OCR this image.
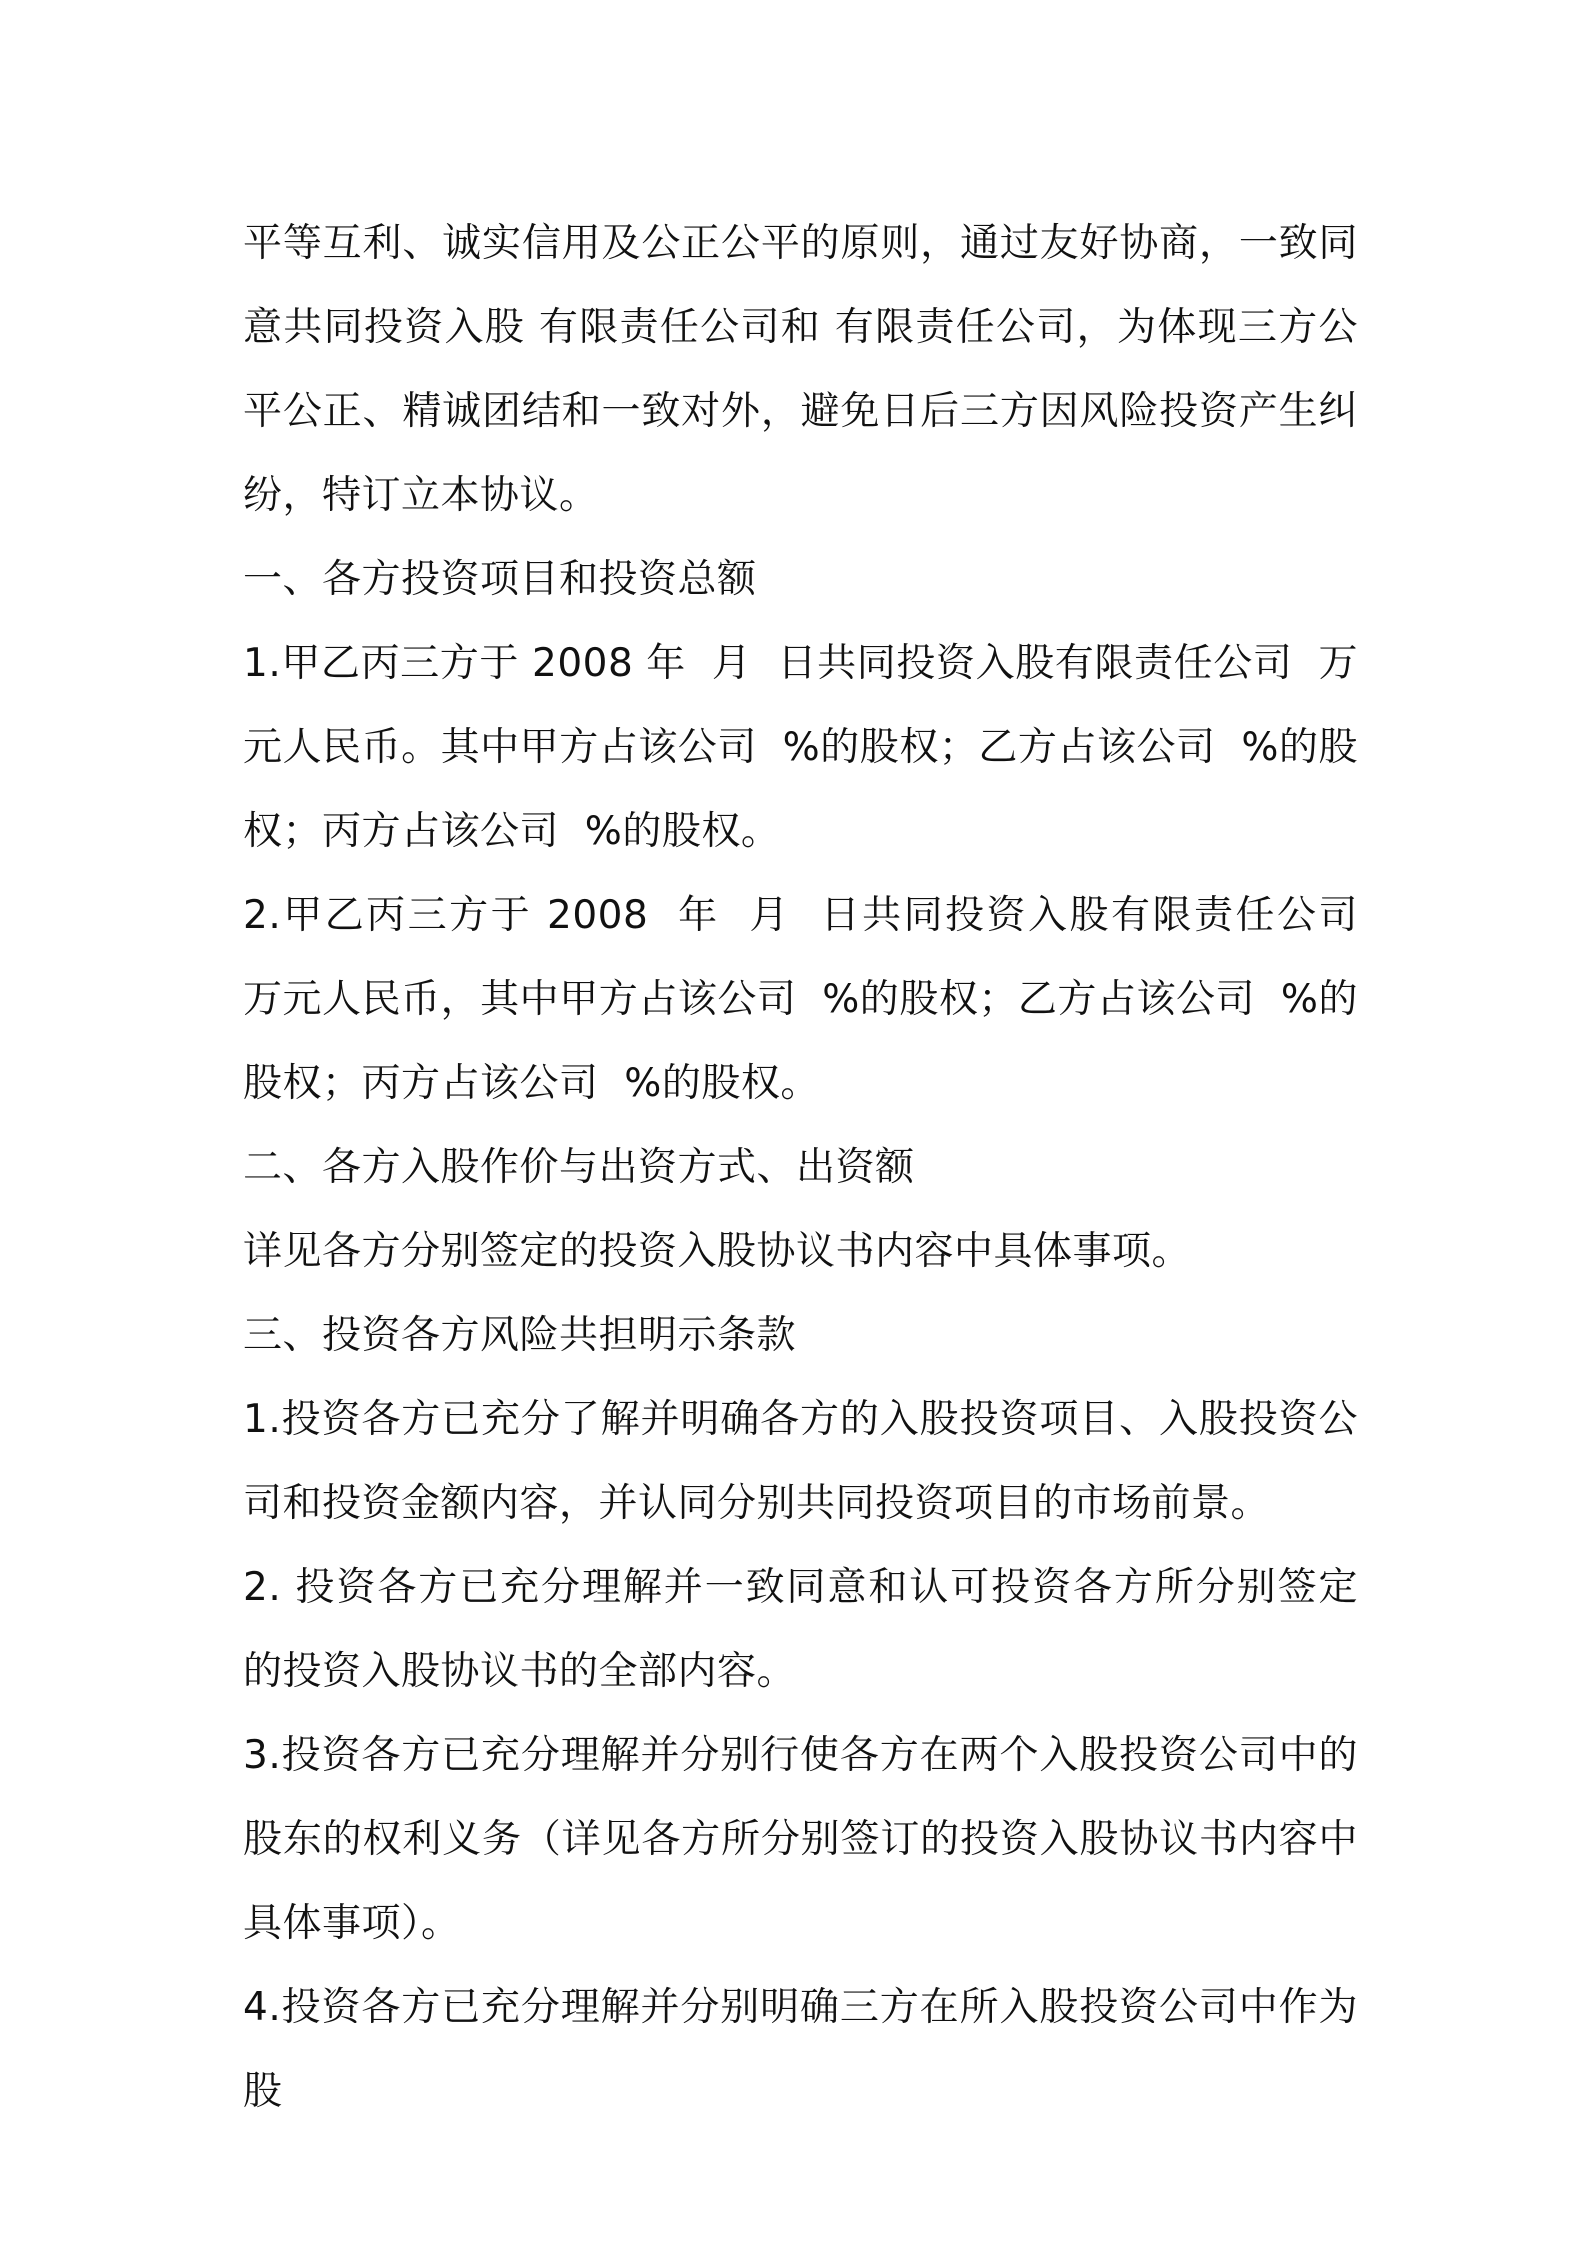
平等互利、诚实信用及公正公平的原则，通过友好协商，一致同意共同投资入股 有限责任公司和 有限责任公司，为体现三方公平公正、精诚团结和一致对外，避免日后三方因风险投资产生纠纷，特订立本协议。

一、各方投资项目和投资总额

1.甲乙丙三方于 2008 年  月  日共同投资入股有限责任公司  万元人民币。其中甲方占该公司  %的股权；乙方占该公司  %的股权；丙方占该公司  %的股权。

2.甲乙丙三方于 2008  年  月  日共同投资入股有限责任公司  万元人民币，其中甲方占该公司  %的股权；乙方占该公司  %的股权；丙方占该公司  %的股权。

二、各方入股作价与出资方式、出资额

详见各方分别签定的投资入股协议书内容中具体事项。

三、投资各方风险共担明示条款

1.投资各方已充分了解并明确各方的入股投资项目、入股投资公司和投资金额内容，并认同分别共同投资项目的市场前景。

2. 投资各方已充分理解并一致同意和认可投资各方所分别签定的投资入股协议书的全部内容。

3.投资各方已充分理解并分别行使各方在两个入股投资公司中的股东的权利义务（详见各方所分别签订的投资入股协议书内容中具体事项）。

4.投资各方已充分理解并分别明确三方在所入股投资公司中作为股
